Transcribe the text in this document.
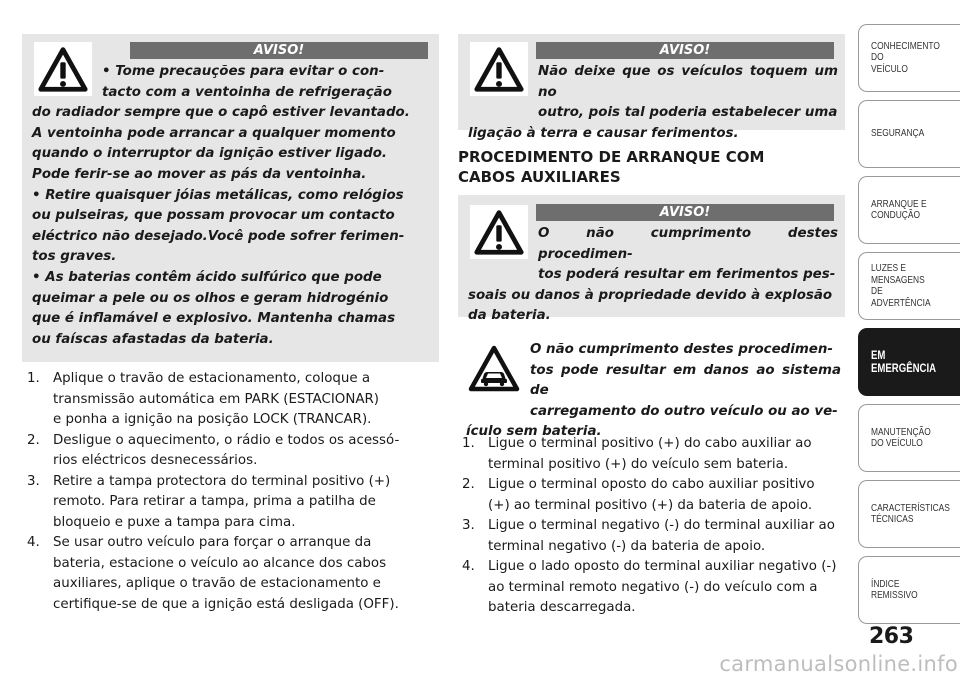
AVISO!

• Tome precauções para evitar o con-

tacto com a ventoinha de refrigeração

do radiador sempre que o capô estiver levantado.

A ventoinha pode arrancar a qualquer momento

quando o interruptor da ignição estiver ligado.

Pode ferir-se ao mover as pás da ventoinha.

• Retire quaisquer jóias metálicas, como relógios

ou pulseiras, que possam provocar um contacto

eléctrico não desejado.Você pode sofrer ferimen-

tos graves.

• As baterias contêm ácido sulfúrico que pode

queimar a pele ou os olhos e geram hidrogénio

que é inflamável e explosivo. Mantenha chamas

ou faíscas afastadas da bateria.

1. Aplique o travão de estacionamento, coloque a
transmissão automática em PARK (ESTACIONAR)
e ponha a ignição na posição LOCK (TRANCAR).
2. Desligue o aquecimento, o rádio e todos os acessó-
rios eléctricos desnecessários.
3. Retire a tampa protectora do terminal positivo (+)
remoto. Para retirar a tampa, prima a patilha de
bloqueio e puxe a tampa para cima.
4. Se usar outro veículo para forçar o arranque da
bateria, estacione o veículo ao alcance dos cabos
auxiliares, aplique o travão de estacionamento e
certifique-se de que a ignição está desligada (OFF).
AVISO!

Não deixe que os veículos toquem um no

outro, pois tal poderia estabelecer uma

ligação à terra e causar ferimentos.

PROCEDIMENTO DE ARRANQUE COM
CABOS AUXILIARES
AVISO!

O não cumprimento destes procedimen-

tos poderá resultar em ferimentos pes-

soais ou danos à propriedade devido à explosão

da bateria.

O não cumprimento destes procedimen-

tos pode resultar em danos ao sistema de

carregamento do outro veículo ou ao ve-

ículo sem bateria.

1. Ligue o terminal positivo (+) do cabo auxiliar ao
terminal positivo (+) do veículo sem bateria.
2. Ligue o terminal oposto do cabo auxiliar positivo
(+) ao terminal positivo (+) da bateria de apoio.
3. Ligue o terminal negativo (-) do terminal auxiliar ao
terminal negativo (-) da bateria de apoio.
4. Ligue o lado oposto do terminal auxiliar negativo (-)
ao terminal remoto negativo (-) do veículo com a
bateria descarregada.
CONHECIMENTO
DO
VEÍCULO
SEGURANÇA
ARRANQUE E
CONDUÇÃO
LUZES E
MENSAGENS
DE
ADVERTÊNCIA
EM
EMERGÊNCIA
MANUTENÇÃO
DO VEÍCULO
CARACTERÍSTICAS
TÉCNICAS
ÍNDICE
REMISSIVO
263
carmanualsonline.info
